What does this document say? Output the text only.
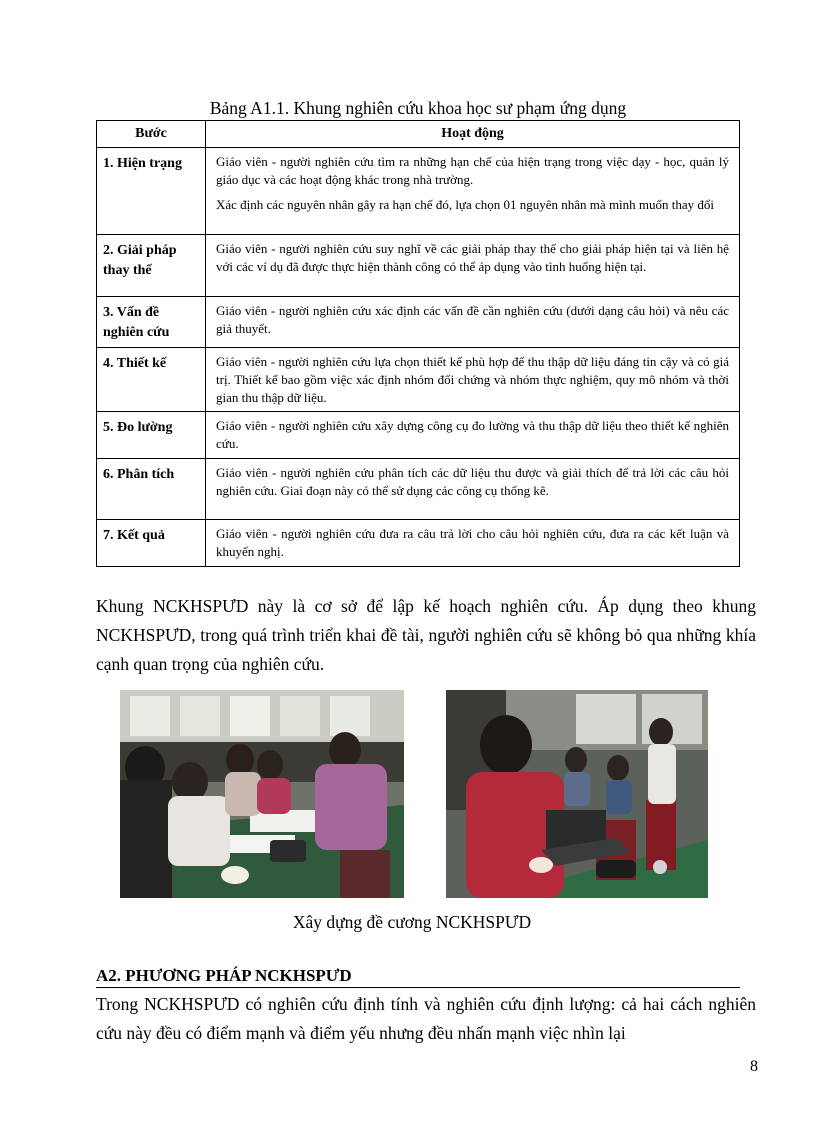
Bảng A1.1. Khung nghiên cứu khoa học sư phạm ứng dụng
Bước	Hoạt động
1. Hiện trạng	Giáo viên - người nghiên cứu tìm ra những hạn chế của hiện trạng trong việc dạy - học, quản lý giáo dục và các hoạt động khác trong nhà trường.

Xác định các nguyên nhân gây ra hạn chế đó, lựa chọn 01 nguyên nhân mà mình muốn thay đổi

2. Giải pháp thay thế	Giáo viên - người nghiên cứu suy nghĩ về các giải pháp thay thế cho giải pháp hiện tại và liên hệ với các ví dụ đã được thực hiện thành công có thể áp dụng vào tình huống hiện tại.

3. Vấn đề nghiên cứu	Giáo viên - người nghiên cứu xác định các vấn đề cần nghiên cứu (dưới dạng câu hỏi) và nêu các giả thuyết.

4. Thiết kế	Giáo viên - người nghiên cứu lựa chọn thiết kế phù hợp để thu thập dữ liệu đáng tin cậy và có giá trị. Thiết kế bao gồm việc xác định nhóm đối chứng và nhóm thực nghiệm, quy mô nhóm và thời gian thu thập dữ liệu.

5. Đo lường	Giáo viên - người nghiên cứu xây dựng công cụ đo lường và thu thập dữ liệu theo thiết kế nghiên cứu.

6. Phân tích	Giáo viên - người nghiên cứu phân tích các dữ liệu thu được và giải thích để trả lời các câu hỏi nghiên cứu. Giai đoạn này có thể sử dụng các công cụ thống kê.

7. Kết quả	Giáo viên - người nghiên cứu đưa ra câu trả lời cho câu hỏi nghiên cứu, đưa ra các kết luận và khuyến nghị.

Khung NCKHSPƯD này là cơ sở để lập kế hoạch nghiên cứu. Áp dụng theo khung NCKHSPƯD, trong quá trình triển khai đề tài, người nghiên cứu sẽ không bỏ qua những khía cạnh quan trọng của nghiên cứu.

Xây dựng đề cương NCKHSPƯD
A2. PHƯƠNG PHÁP NCKHSPƯD

Trong NCKHSPƯD có nghiên cứu định tính và nghiên cứu định lượng: cả hai cách nghiên cứu này đều có điểm mạnh và điểm yếu nhưng đều nhấn mạnh việc nhìn lại

8
